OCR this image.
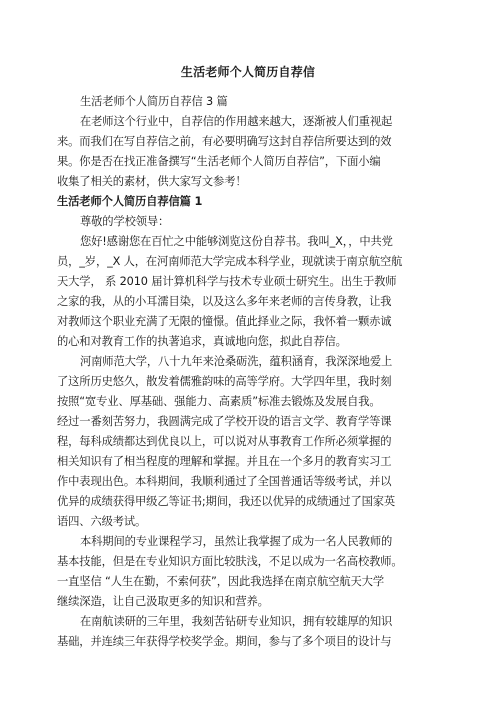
生活老师个人简历自荐信
生活老师个人简历自荐信 3 篇
在老师这个行业中，自荐信的作用越来越大，逐渐被人们重视起
来。而我们在写自荐信之前，有必要明确写这封自荐信所要达到的效
果。你是否在找正准备撰写“生活老师个人简历自荐信”，下面小编
收集了相关的素材，供大家写文参考！
生活老师个人简历自荐信篇 1
尊敬的学校领导：
您好!感谢您在百忙之中能够浏览这份自荐书。我叫_X，，中共党
员，_岁，_X 人，在河南师范大学完成本科学业，现就读于南京航空航
天大学， 系 2010 届计算机科学与技术专业硕士研究生。出生于教师
之家的我，从的小耳濡目染，以及这么多年来老师的言传身教，让我
对教师这个职业充满了无限的憧憬。值此择业之际，我怀着一颗赤诚
的心和对教育工作的执著追求，真诚地向您，拟此自荐信。
河南师范大学，八十九年来沧桑砺洗，蕴积涵育，我深深地爱上
了这所历史悠久，散发着儒雅韵味的高等学府。大学四年里，我时刻
按照“宽专业、厚基础、强能力、高素质”标准去锻炼及发展自我。
经过一番刻苦努力，我圆满完成了学校开设的语言文学、教育学等课
程，每科成绩都达到优良以上，可以说对从事教育工作所必须掌握的
相关知识有了相当程度的理解和掌握。并且在一个多月的教育实习工
作中表现出色。本科期间，我顺利通过了全国普通话等级考试，并以
优异的成绩获得甲级乙等证书;期间，我还以优异的成绩通过了国家英
语四、六级考试。
本科期间的专业课程学习，虽然让我掌握了成为一名人民教师的
基本技能，但是在专业知识方面比较肤浅，不足以成为一名高校教师。
一直坚信 “人生在勤，不索何获”，因此我选择在南京航空航天大学
继续深造，让自己汲取更多的知识和营养。
在南航读研的三年里，我刻苦钻研专业知识，拥有较雄厚的知识
基础，并连续三年获得学校奖学金。期间，参与了多个项目的设计与
